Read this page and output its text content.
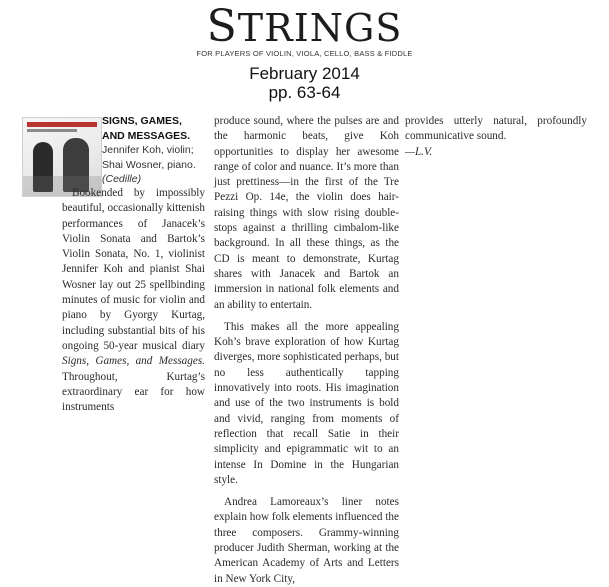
STRINGS
FOR PLAYERS OF VIOLIN, VIOLA, CELLO, BASS & FIDDLE
February 2014
pp. 63-64
SIGNS, GAMES, AND MESSAGES.
Jennifer Koh, violin; Shai Wosner, piano.
(Cedille)

Bookended by impossibly beautiful, occasionally kittenish performances of Janacek’s Violin Sonata and Bartok’s Violin Sonata, No. 1, violinist Jennifer Koh and pianist Shai Wosner lay out 25 spellbinding minutes of music for violin and piano by Gyorgy Kurtag, including substantial bits of his ongoing 50-year musical diary Signs, Games, and Messages. Throughout, Kurtag’s extraordinary ear for how instruments

produce sound, where the pulses are and the harmonic beats, give Koh opportunities to display her awesome range of color and nuance. It’s more than just prettiness—in the first of the Tre Pezzi Op. 14e, the violin does hair-raising things with slow rising double-stops against a thrilling cimbalom-like background. In all these things, as the CD is meant to demonstrate, Kurtag shares with Janacek and Bartok an immersion in national folk elements and an ability to entertain.

This makes all the more appealing Koh’s brave exploration of how Kurtag diverges, more sophisticated perhaps, but no less authentically tapping innovatively into roots. His imagination and use of the two instruments is bold and vivid, ranging from moments of reflection that recall Satie in their simplicity and epigrammatic wit to an intense In Domine in the Hungarian style.

Andrea Lamoreaux’s liner notes explain how folk elements influenced the three composers. Grammy-winning producer Judith Sherman, working at the American Academy of Arts and Letters in New York City,

provides utterly natural, profoundly communicative sound.

—L.V.
